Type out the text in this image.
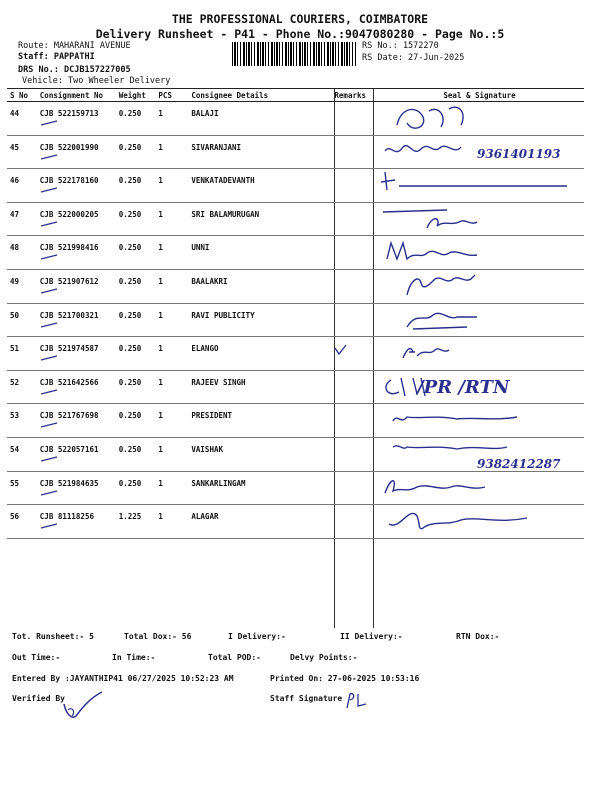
THE PROFESSIONAL COURIERS, COIMBATORE
Delivery Runsheet - P41 - Phone No.:9047080280 - Page No.:5
Route: MAHARANI AVENUE
Staff: PAPPATHI
DRS No.: DCJB157227005
Vehicle: Two Wheeler Delivery
RS No.: 1572270
RS Date: 27-Jun-2025
S No	Consignment No	Weight	PCS	Consignee Details	Remarks	Seal & Signature
44	CJB 522159713	0.250	1	BALAJI		

45	CJB 522001990	0.250	1	SIVARANJANI		9361401193

46	CJB 522178160	0.250	1	VENKATADEVANTH		

47	CJB 522000205	0.250	1	SRI BALAMURUGAN		

48	CJB 521998416	0.250	1	UNNI		

49	CJB 521907612	0.250	1	BAALAKRI		

50	CJB 521700321	0.250	1	RAVI PUBLICITY		

51	CJB 521974587	0.250	1	ELANGO		

52	CJB 521642566	0.250	1	RAJEEV SINGH		/PR /RTN

53	CJB 521767698	0.250	1	PRESIDENT		

54	CJB 522057161	0.250	1	VAISHAK		9382412287

55	CJB 521984635	0.250	1	SANKARLINGAM		

56	CJB 81118256	1.225	1	ALAGAR		
Tot. Runsheet:- 5	Total Dox:- 56	I Delivery:-	II Delivery:-	RTN Dox:-
Out Time:-	In Time:-	Total POD:-	Delvy Points:-
Entered By :JAYANTHIP41 06/27/2025 10:52:23 AM	Printed On: 27-06-2025 10:53:16
Verified By	Staff Signature
